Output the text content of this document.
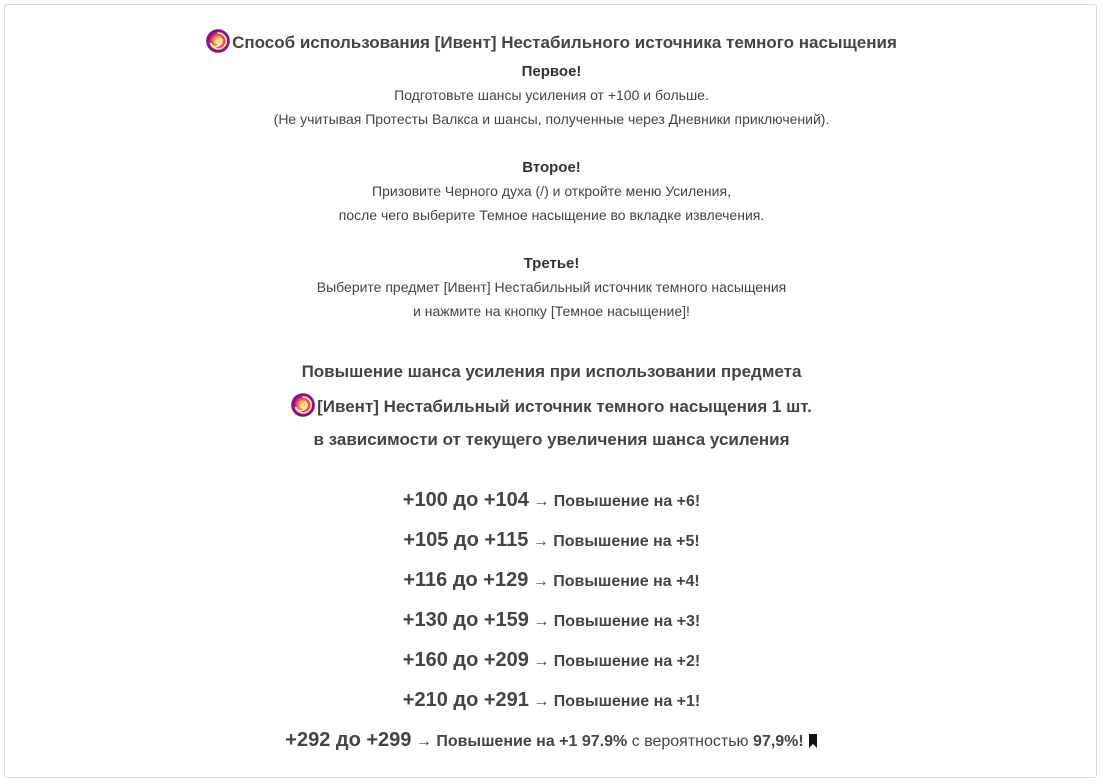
Способ использования [Ивент] Нестабильного источника темного насыщения
Первое!
Подготовьте шансы усиления от +100 и больше.
(Не учитывая Протесты Валкса и шансы, полученные через Дневники приключений).
Второе!
Призовите Черного духа (/) и откройте меню Усиления,
после чего выберите Темное насыщение во вкладке извлечения.
Третье!
Выберите предмет [Ивент] Нестабильный источник темного насыщения
и нажмите на кнопку [Темное насыщение]!
Повышение шанса усиления при использовании предмета
[Ивент] Нестабильный источник темного насыщения 1 шт.
в зависимости от текущего увеличения шанса усиления
+100 до +104 → Повышение на +6!
+105 до +115 → Повышение на +5!
+116 до +129 → Повышение на +4!
+130 до +159 → Повышение на +3!
+160 до +209 → Повышение на +2!
+210 до +291 → Повышение на +1!
+292 до +299 → Повышение на +1 97.9% с вероятностью 97,9%!
